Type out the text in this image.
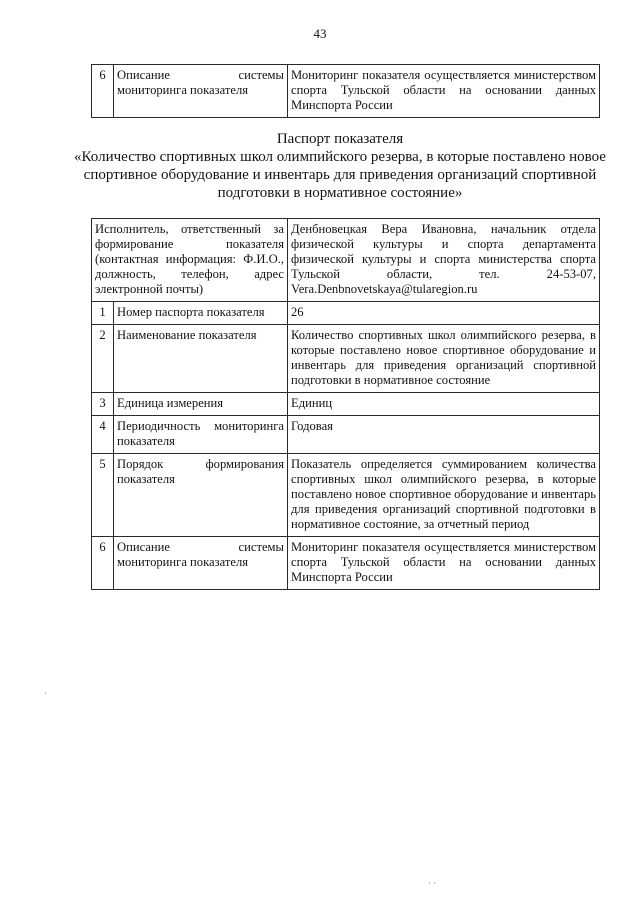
43
6	Описание системы мониторинга показателя	Мониторинг показателя осуществляется министерством спорта Тульской области на основании данных Минспорта России
Паспорт показателя
«Количество спортивных школ олимпийского резерва, в которые поставлено новое спортивное оборудование и инвентарь для приведения организаций спортивной подготовки в нормативное состояние»
Исполнитель, ответственный за формирование показателя (контактная информация: Ф.И.О., должность, телефон, адрес электронной почты)		Денбновецкая Вера Ивановна, начальник отдела физической культуры и спорта департамента физической культуры и спорта министерства спорта Тульской области, тел. 24-53-07, Vera.Denbnovetskaya@tularegion.ru
1	Номер паспорта показателя	26
2	Наименование показателя	Количество спортивных школ олимпийского резерва, в которые поставлено новое спортивное оборудование и инвентарь для приведения организаций спортивной подготовки в нормативное состояние
3	Единица измерения	Единиц
4	Периодичность мониторинга показателя	Годовая
5	Порядок формирования показателя	Показатель определяется суммированием количества спортивных школ олимпийского резерва, в которые поставлено новое спортивное оборудование и инвентарь для приведения организаций спортивной подготовки в нормативное состояние, за отчетный период
6	Описание системы мониторинга показателя	Мониторинг показателя осуществляется министерством спорта Тульской области на основании данных Минспорта России
·
· ·
